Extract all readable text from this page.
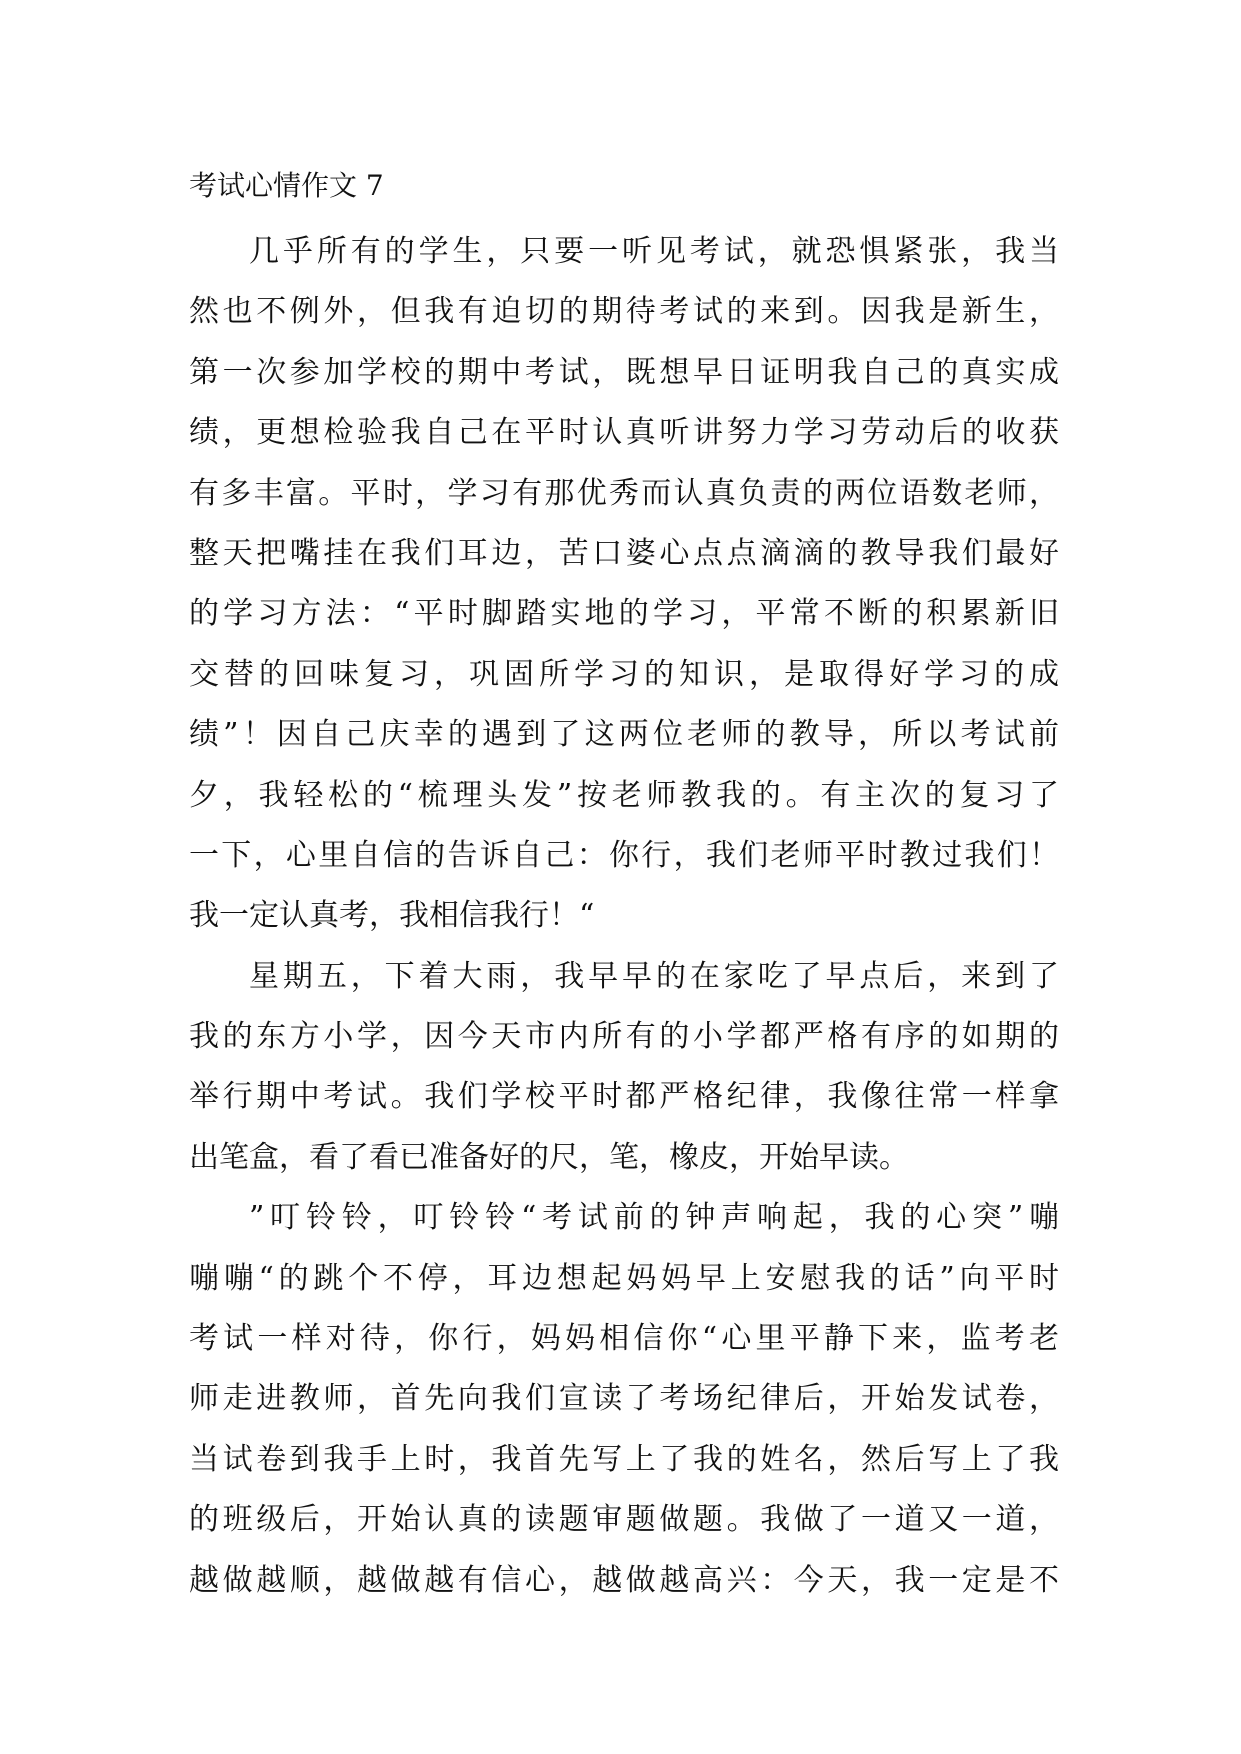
考试心情作文 7
几乎所有的学生，只要一听见考试，就恐惧紧张，我当
然也不例外，但我有迫切的期待考试的来到。因我是新生，
第一次参加学校的期中考试，既想早日证明我自己的真实成
绩，更想检验我自己在平时认真听讲努力学习劳动后的收获
有多丰富。平时，学习有那优秀而认真负责的两位语数老师，
整天把嘴挂在我们耳边，苦口婆心点点滴滴的教导我们最好
的学习方法：“平时脚踏实地的学习，平常不断的积累新旧
交替的回味复习，巩固所学习的知识，是取得好学习的成
绩”！因自己庆幸的遇到了这两位老师的教导，所以考试前
夕，我轻松的“梳理头发”按老师教我的。有主次的复习了
一下，心里自信的告诉自己：你行，我们老师平时教过我们！
我一定认真考，我相信我行！“
星期五，下着大雨，我早早的在家吃了早点后，来到了
我的东方小学，因今天市内所有的小学都严格有序的如期的
举行期中考试。我们学校平时都严格纪律，我像往常一样拿
出笔盒，看了看已准备好的尺，笔，橡皮，开始早读。
”叮铃铃，叮铃铃“考试前的钟声响起，我的心突”嘣
嘣嘣“的跳个不停，耳边想起妈妈早上安慰我的话”向平时
考试一样对待，你行，妈妈相信你“心里平静下来，监考老
师走进教师，首先向我们宣读了考场纪律后，开始发试卷，
当试卷到我手上时，我首先写上了我的姓名，然后写上了我
的班级后，开始认真的读题审题做题。我做了一道又一道，
越做越顺，越做越有信心，越做越高兴：今天，我一定是不
